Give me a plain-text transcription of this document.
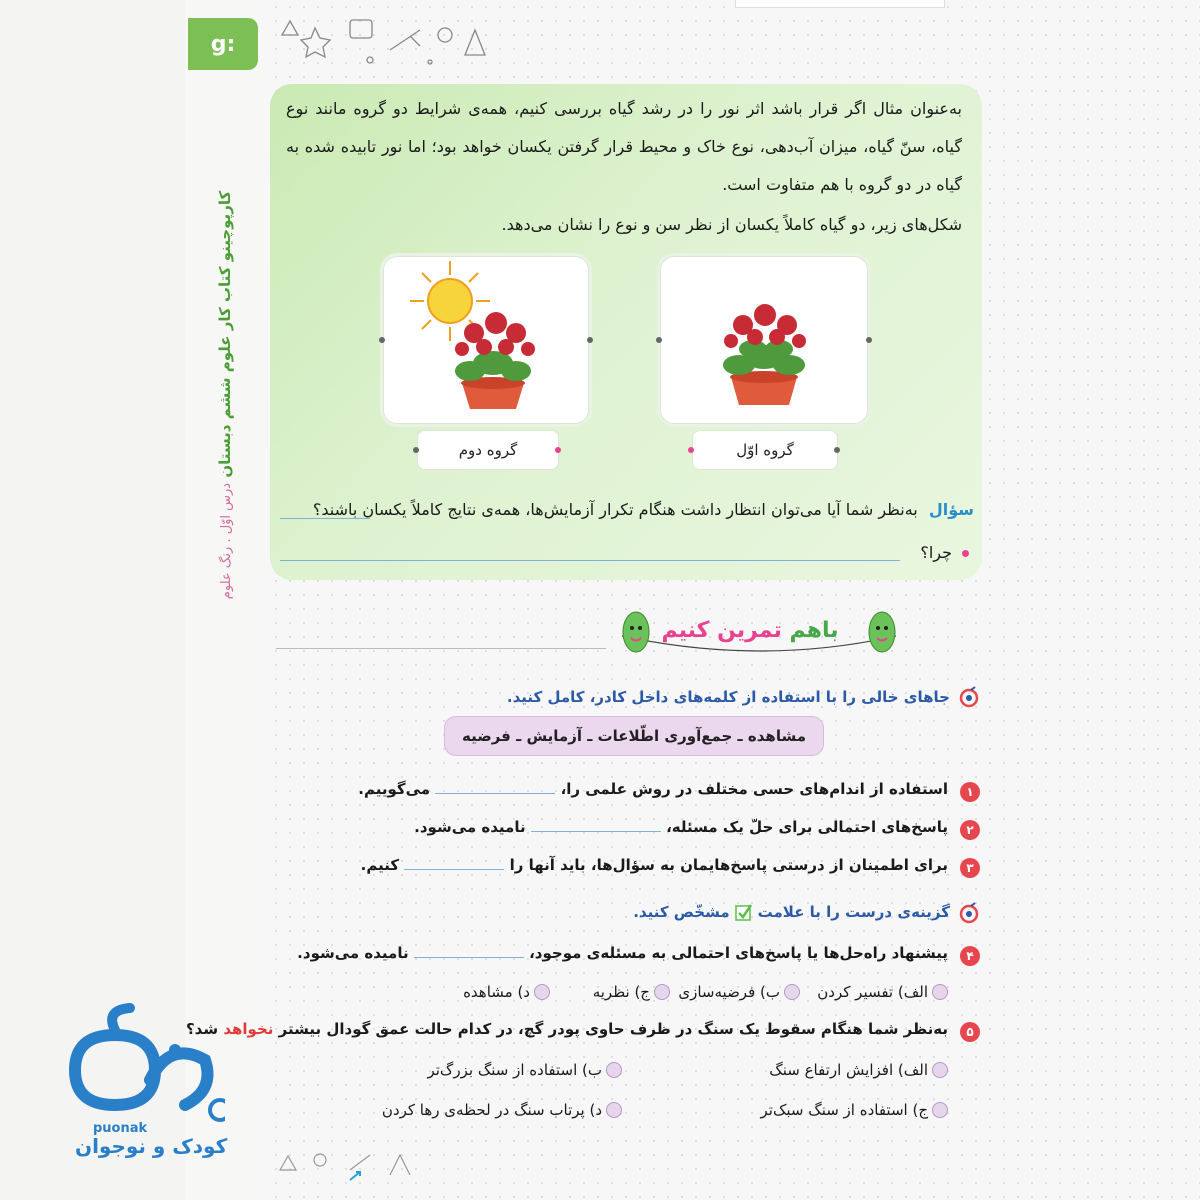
g:
کارپوچینو کتاب کار علوم ششم دبستان درس اوّل . رنگ علوم
به‌عنوان مثال اگر قرار باشد اثر نور را در رشد گیاه بررسی کنیم، همه‌ی شرایط دو گروه مانند نوع گیاه، سنّ گیاه، میزان آب‌دهی، نوع خاک و محیط قرار گرفتن یکسان خواهد بود؛ اما نور تابیده شده به گیاه در دو گروه با هم متفاوت است.
شکل‌های زیر، دو گیاه کاملاً یکسان از نظر سن و نوع را نشان می‌دهد.
گروه اوّل
گروه دوم
سؤال به‌نظر شما آیا می‌توان انتظار داشت هنگام تکرار آزمایش‌ها، همه‌ی نتایج کاملاً یکسان باشند؟
چرا؟
باهم تمرین کنیم
جاهای خالی را با استفاده از کلمه‌های داخل کادر، کامل کنید.
مشاهده ـ جمع‌آوری اطّلاعات ـ آزمایش ـ فرضیه
۱
استفاده از اندام‌های حسی مختلف در روش علمی را،  می‌گوییم.
۲
پاسخ‌های احتمالی برای حلّ یک مسئله،  نامیده می‌شود.
۳
برای اطمینان از درستی پاسخ‌هایمان به سؤال‌ها، باید آنها را  کنیم.
گزینه‌ی درست را با علامت
مشخّص کنید.
۴
پیشنهاد راه‌حل‌ها یا پاسخ‌های احتمالی به مسئله‌ی موجود،  نامیده می‌شود.
الف) تفسیر کردن
ب) فرضیه‌سازی
ج) نظریه
د) مشاهده
۵
به‌نظر شما هنگام سقوط یک سنگ در ظرف حاوی پودر گچ، در کدام حالت عمق گودال بیشتر نخواهد شد؟
الف) افزایش ارتفاع سنگ
ب) استفاده از سنگ بزرگ‌تر
ج) استفاده از سنگ سبک‌تر
د) پرتاب سنگ در لحظه‌ی رها کردن
puonak
کودک و نوجوان
